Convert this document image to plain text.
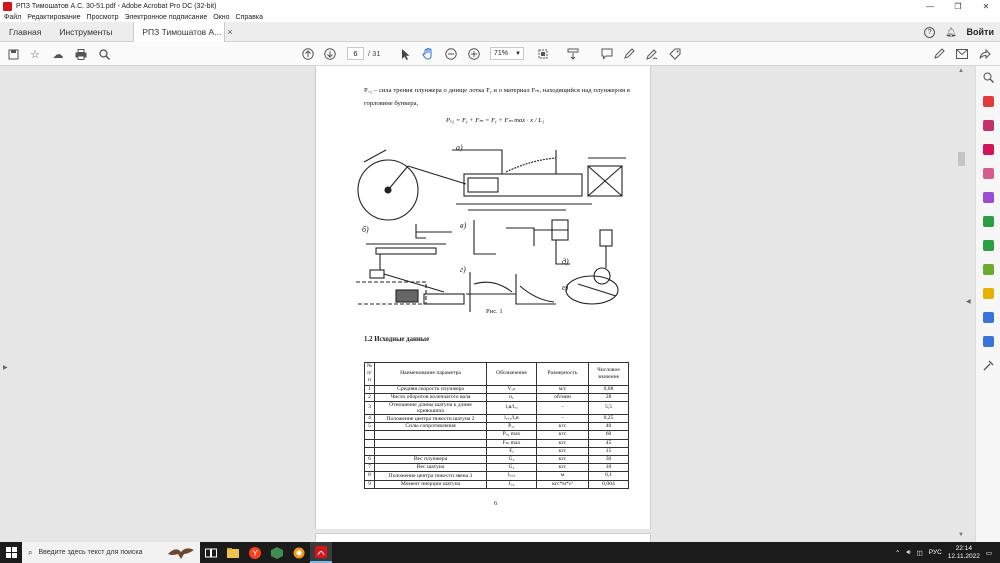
РПЗ Тимошатов А.С. 30-51.pdf - Adobe Acrobat Pro DC (32-bit)	—	❐	✕
Файл Редактирование Просмотр Электронное подписание Окно Справка
Главная	Инструменты	РПЗ Тимошатов А... ×	?	🔔︎ Войти
☆ ☁	6	/ 31	71% ▼
▶
▲
▼
◀
Pₒ₂ – сила трения плунжера о днище лотка Fᵧ и о материал Fₘ, находящийся над плунжером в горловине бункера,
Pₒ₂ = Fᵧ + Fₘ = Fᵧ + Fₘ max · x / L₁
а)
б)	в)
г)
д)
е)
Рис. 1
1.2 Исходные данные
№ п/п	Наименование параметра	Обозначение	Размерность	Числовое значение
1	Средняя скорость плунжера	Vₒₙ	м/с	0,08
2	Число оборотов коленчатого вала	n₁	об/мин	28
3	Отношение длины шатуна к длине кривошипа	lₐʙ/lₒₐ	-	5,5
4	Положение центра тяжести шатуна 2	lₐₛ₂/lₐʙ	-	0,25
5	Силы сопротивления	Pₒ₁	кгс	40
		Pₒ₂ max	кгс	60
		Fₘ max	кгс	45
		Fᵧ	кгс	15
6	Вес плунжера	G₃	кгс	30
7	Вес шатуна	G₂	кгс	10
8	Положение центра тяжести звена 3	lₐₛ₃	м	0,1
9	Момент инерции шатуна	Jₛ₂	кгс*м*с²	0,004
6
⌕ Введите здесь текст для поиска	Y	⌃ 🔊︎ ◫ РУС
22:14
12.11.2022 ▭
